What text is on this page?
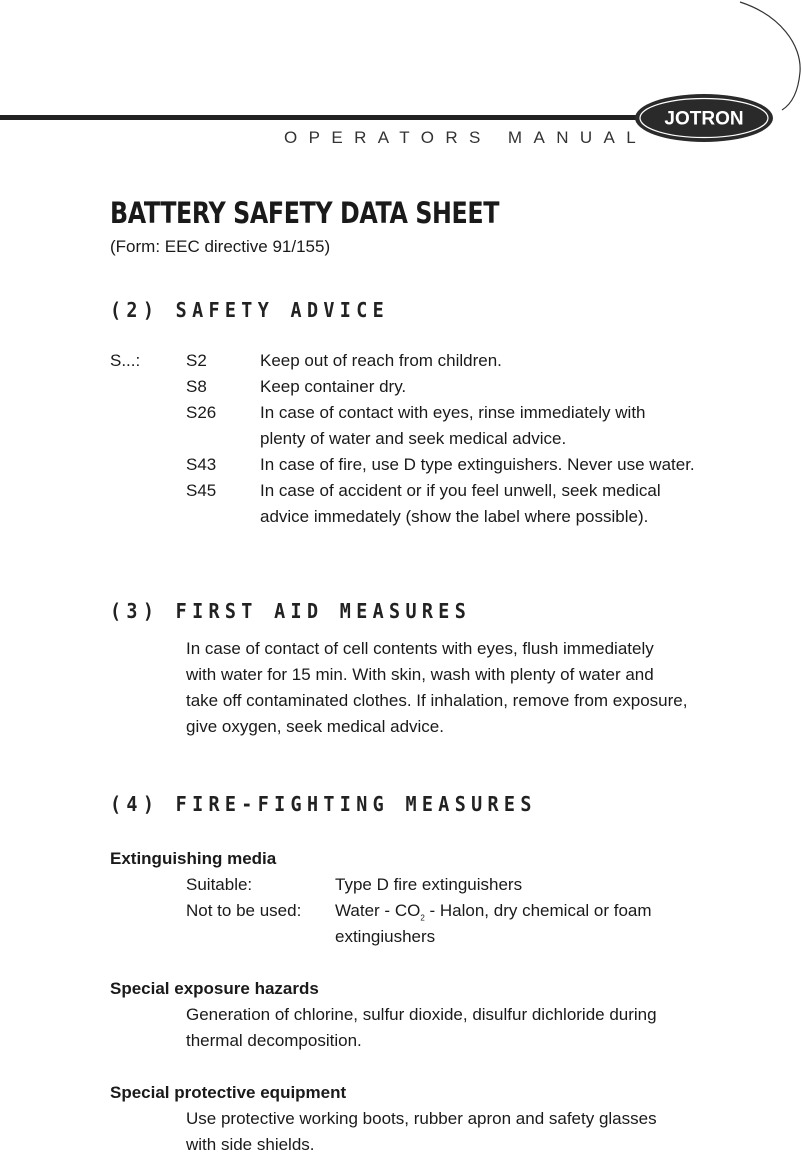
OPERATORS MANUAL
JOTRON
BATTERY SAFETY DATA SHEET
(Form: EEC directive 91/155)
(2) SAFETY ADVICE
S...:	S2	Keep out of reach from children.
S8	Keep container dry.
S26	In case of contact with eyes, rinse immediately with
plenty of water and seek medical advice.
S43	In case of fire, use D type extinguishers. Never use water.
S45	In case of accident or if you feel unwell, seek medical
advice immedately (show the label where possible).
(3) FIRST AID MEASURES
In case of contact of cell contents with eyes, flush immediately
with water for 15 min. With skin, wash with plenty of water and
take off contaminated clothes. If inhalation, remove from exposure,
give oxygen, seek medical advice.
(4) FIRE-FIGHTING MEASURES
Extinguishing media
Suitable:	Type D fire extinguishers
Not to be used: Water - $CO_2$ - Halon, dry chemical or foam
extingiushers
Special exposure hazards
Generation of chlorine, sulfur dioxide, disulfur dichloride during
thermal decomposition.
Special protective equipment
Use protective working boots, rubber apron and safety glasses
with side shields.
